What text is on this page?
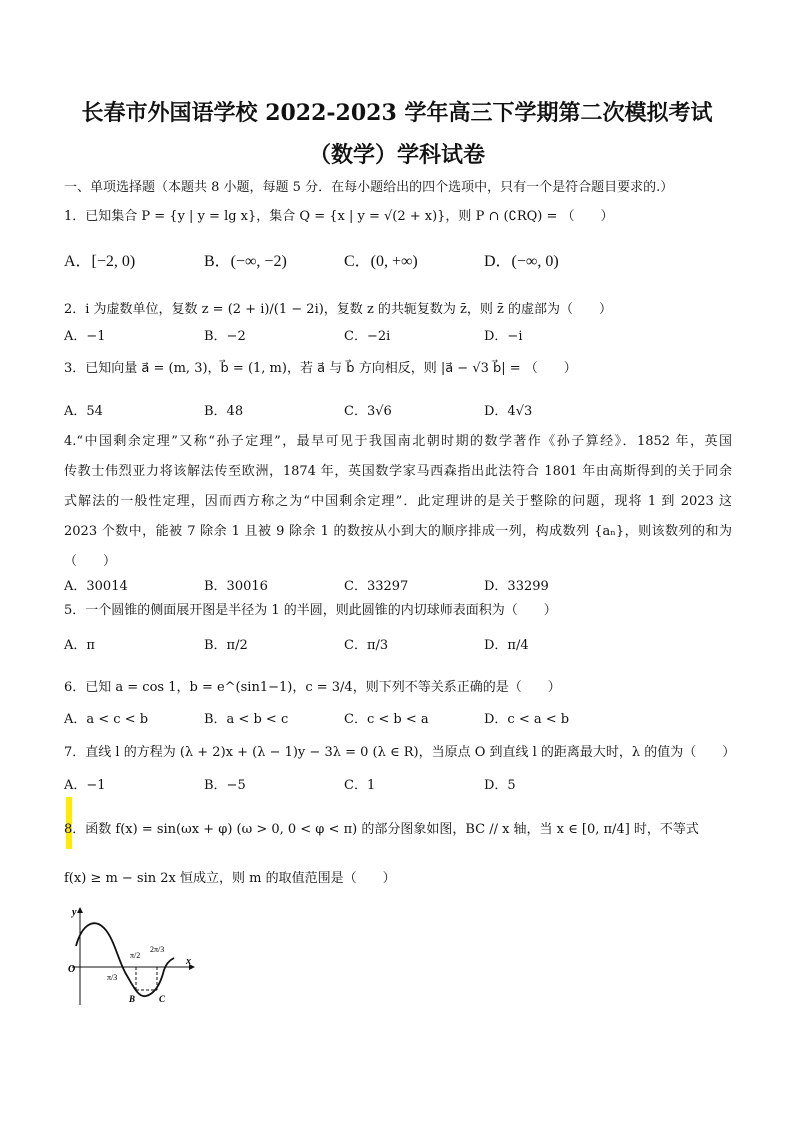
长春市外国语学校 2022-2023 学年高三下学期第二次模拟考试
（数学）学科试卷
一、单项选择题（本题共 8 小题，每题 5 分．在每小题给出的四个选项中，只有一个是符合题目要求的.）
1．已知集合 P = {y | y = lg x}，集合 Q = {x | y = √(2 + x)}，则 P ∩ (∁RQ) = （　　）
A．[−2, 0)	B．(−∞, −2)	C．(0, +∞)	D．(−∞, 0)
2．i 为虚数单位，复数 z = (2 + i)/(1 − 2i)，复数 z 的共轭复数为 z̄，则 z̄ 的虚部为（　　）
A．−1	B．−2	C．−2i	D．−i
3．已知向量 a⃗ = (m, 3)，b⃗ = (1, m)，若 a⃗ 与 b⃗ 方向相反，则 |a⃗ − √3 b⃗| = （　　）
A．54	B．48	C．3√6	D．4√3
4.“中国剩余定理”又称“孙子定理”，最早可见于我国南北朝时期的数学著作《孙子算经》．1852 年，英国
传教士伟烈亚力将该解法传至欧洲，1874 年，英国数学家马西森指出此法符合 1801 年由高斯得到的关于同余
式解法的一般性定理，因而西方称之为“中国剩余定理”．此定理讲的是关于整除的问题，现将 1 到 2023 这
2023 个数中，能被 7 除余 1 且被 9 除余 1 的数按从小到大的顺序排成一列，构成数列 {aₙ}，则该数列的和为
（　　）
A．30014	B．30016	C．33297	D．33299
5．一个圆锥的侧面展开图是半径为 1 的半圆，则此圆锥的内切球师表面积为（　　）
A．π	B．π/2	C．π/3	D．π/4
6．已知 a = cos 1，b = e^(sin1−1)，c = 3/4，则下列不等关系正确的是（　　）
A．a < c < b	B．a < b < c	C．c < b < a	D．c < a < b
7．直线 l 的方程为 (λ + 2)x + (λ − 1)y − 3λ = 0 (λ ∈ R)，当原点 O 到直线 l 的距离最大时，λ 的值为（　　）
A．−1	B．−5	C．1	D．5
8．函数 f(x) = sin(ωx + φ) (ω > 0, 0 < φ < π) 的部分图象如图，BC // x 轴，当 x ∈ [0, π/4] 时，不等式
f(x) ≥ m − sin 2x 恒成立，则 m 的取值范围是（　　）
y
x
O
π/3
π/2
2π/3
B	C
